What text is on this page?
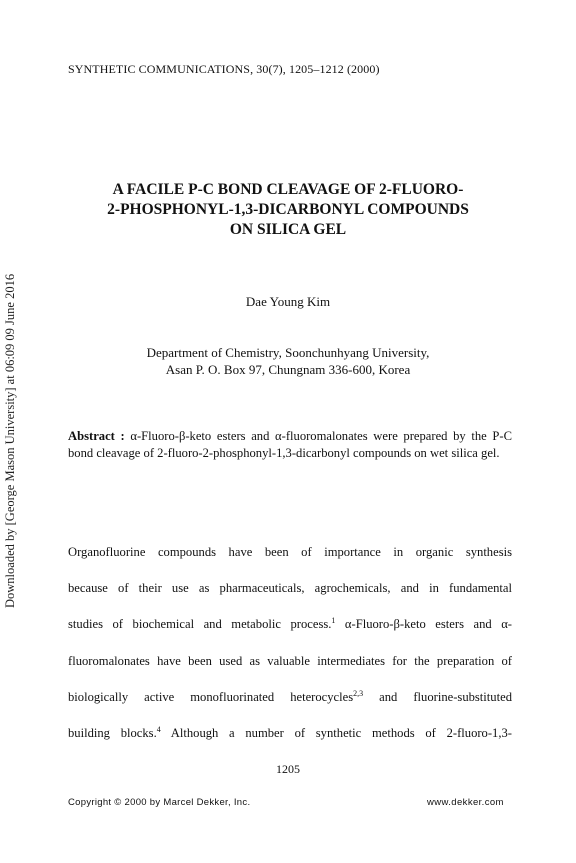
SYNTHETIC COMMUNICATIONS, 30(7), 1205–1212 (2000)
A FACILE P-C BOND CLEAVAGE OF 2-FLUORO-
2-PHOSPHONYL-1,3-DICARBONYL COMPOUNDS
ON SILICA GEL
Dae Young Kim
Department of Chemistry, Soonchunhyang University,
Asan P. O. Box 97, Chungnam 336-600, Korea
Abstract : α-Fluoro-β-keto esters and α-fluoromalonates were prepared by the P-C bond cleavage of 2-fluoro-2-phosphonyl-1,3-dicarbonyl compounds on wet silica gel.
Organofluorine compounds have been of importance in organic synthesis
because of their use as pharmaceuticals, agrochemicals, and in fundamental
studies of biochemical and metabolic process.$^1$ α-Fluoro-β-keto esters and α-
fluoromalonates have been used as valuable intermediates for the preparation of
biologically active monofluorinated heterocycles$^{2,3}$ and fluorine-substituted
building blocks.$^4$ Although a number of synthetic methods of 2-fluoro-1,3-
1205
Copyright © 2000 by Marcel Dekker, Inc.	www.dekker.com
Downloaded by [George Mason University] at 06:09 09 June 2016
